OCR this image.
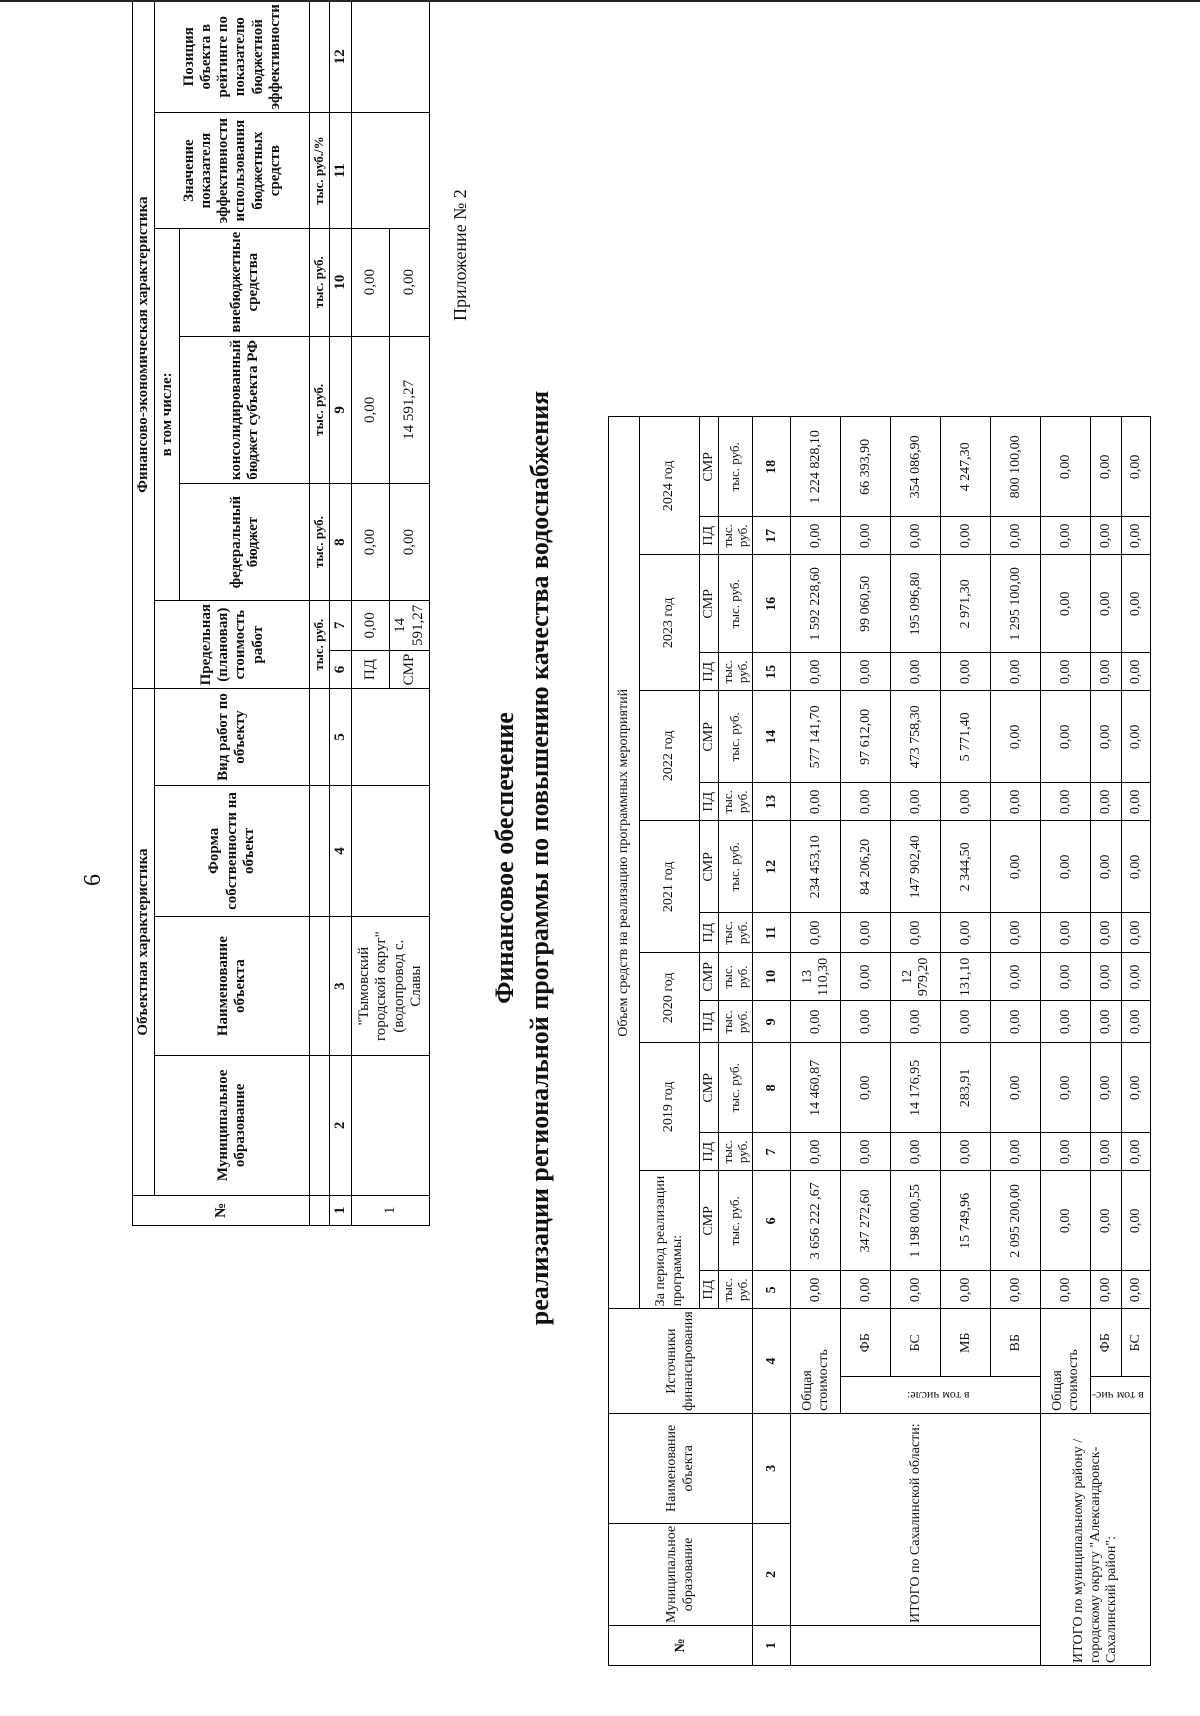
6
№	Объектная характеристика				Финансово-экономическая характеристика						
	Муниципальное образование	Наименование объекта	Форма собственности на объект	Вид работ по объекту	Предельная (плановая) стоимость работ		в том числе:			Значение показателя эффективности использования бюджетных средств	Позиция объекта в рейтинге по показателю бюджетной эффективности
							федеральный бюджет	консолидированный бюджет субъекта РФ	внебюджетные средства		
					тыс. руб.		тыс. руб.	тыс. руб.	тыс. руб.	тыс. руб./%	
1	2	3	4	5	6	7	8	9	10	11	12
1		"Тымовский городской округ" (водопровод с. Славы			ПД	0,00	0,00	0,00	0,00		
					СМР	14 591,27	0,00	14 591,27	0,00		Приложение № 2
Финансовое обеспечение реализации региональной программы по повышению качества водоснабжения
№	Муниципальное образование	Наименование объекта	Источники финансирования		Объем средств на реализацию программных мероприятий													
					За период реализации программы:		2019 год		2020 год		2021 год		2022 год		2023 год		2024 год	
					ПД	СМР	ПД	СМР	ПД	СМР	ПД	СМР	ПД	СМР	ПД	СМР	ПД	СМР
					тыс. руб.	тыс. руб.	тыс. руб.	тыс. руб.	тыс. руб.	тыс. руб.	тыс. руб.	тыс. руб.	тыс. руб.	тыс. руб.	тыс. руб.	тыс. руб.	тыс. руб.	тыс. руб.
1	2	3	4		5	6	7	8	9	10	11	12	13	14	15	16	17	18
	ИТОГО по Сахалинской области:		Общая стоимость		0,00	3 656 222 ,67	0,00	14 460,87	0,00	13 110,30	0,00	234 453,10	0,00	577 141,70	0,00	1 592 228,60	0,00	1 224 828,10
			в том числе:	ФБ	0,00	347 272,60	0,00	0,00	0,00	0,00	0,00	84 206,20	0,00	97 612,00	0,00	99 060,50	0,00	66 393,90
				БС	0,00	1 198 000,55	0,00	14 176,95	0,00	12 979,20	0,00	147 902,40	0,00	473 758,30	0,00	195 096,80	0,00	354 086,90
				МБ	0,00	15 749,96	0,00	283,91	0,00	131,10	0,00	2 344,50	0,00	5 771,40	0,00	2 971,30	0,00	4 247,30
				ВБ	0,00	2 095 200,00	0,00	0,00	0,00	0,00	0,00	0,00	0,00	0,00	0,00	1 295 100,00	0,00	800 100,00
ИТОГО по муниципальному району / городскому округу "Александровск-Сахалинский район":			Общая стоимость		0,00	0,00	0,00	0,00	0,00	0,00	0,00	0,00	0,00	0,00	0,00	0,00	0,00	0,00
			в том чис-	ФБ	0,00	0,00	0,00	0,00	0,00	0,00	0,00	0,00	0,00	0,00	0,00	0,00	0,00	0,00
				БС	0,00	0,00	0,00	0,00	0,00	0,00	0,00	0,00	0,00	0,00	0,00	0,00	0,00	0,00
